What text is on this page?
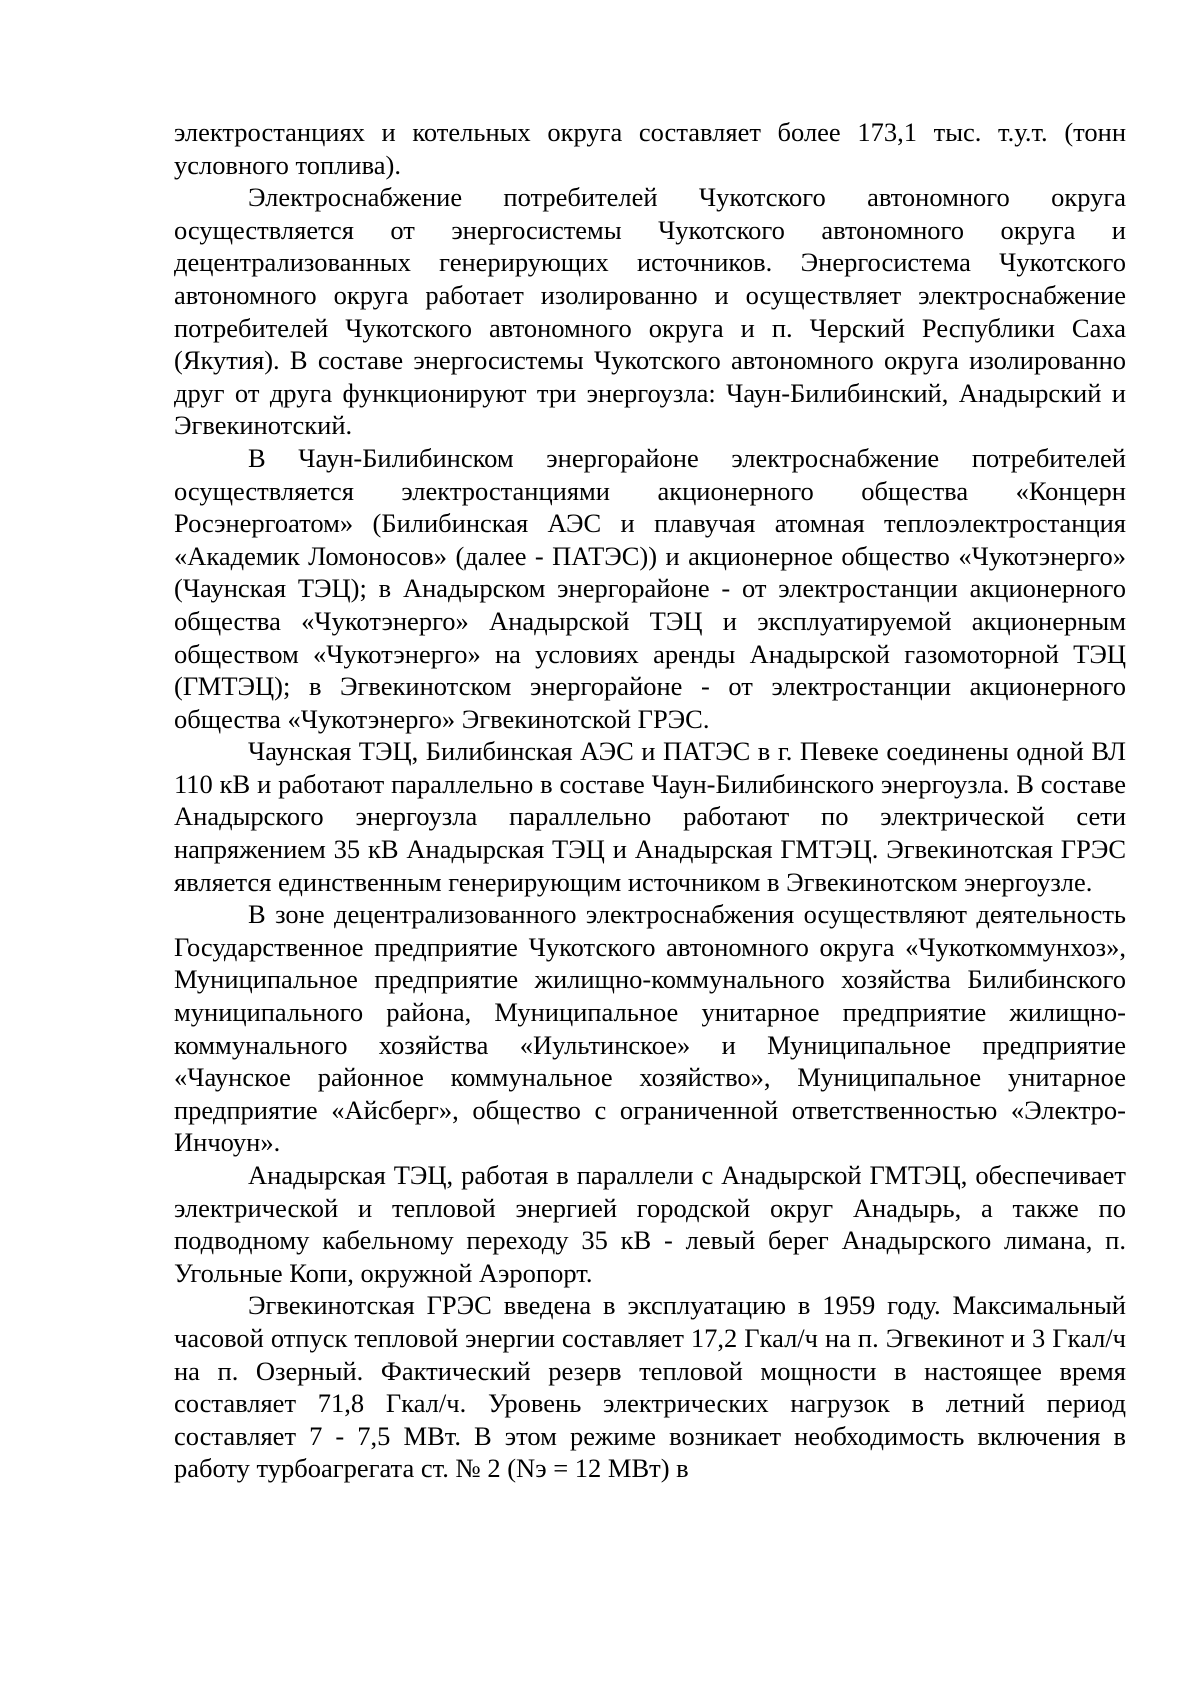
электростанциях и котельных округа составляет более 173,1 тыс. т.у.т. (тонн условного топлива).

Электроснабжение потребителей Чукотского автономного округа осуществляется от энергосистемы Чукотского автономного округа и децентрализованных генерирующих источников. Энергосистема Чукотского автономного округа работает изолированно и осуществляет электроснабжение потребителей Чукотского автономного округа и п. Черский Республики Саха (Якутия). В составе энергосистемы Чукотского автономного округа изолированно друг от друга функционируют три энергоузла: Чаун-Билибинский, Анадырский и Эгвекинотский.

В Чаун-Билибинском энергорайоне электроснабжение потребителей осуществляется электростанциями акционерного общества «Концерн Росэнергоатом» (Билибинская АЭС и плавучая атомная теплоэлектростанция «Академик Ломоносов» (далее - ПАТЭС)) и акционерное общество «Чукотэнерго» (Чаунская ТЭЦ); в Анадырском энергорайоне - от электростанции акционерного общества «Чукотэнерго» Анадырской ТЭЦ и эксплуатируемой акционерным обществом «Чукотэнерго» на условиях аренды Анадырской газомоторной ТЭЦ (ГМТЭЦ); в Эгвекинотском энергорайоне - от электростанции акционерного общества «Чукотэнерго» Эгвекинотской ГРЭС.

Чаунская ТЭЦ, Билибинская АЭС и ПАТЭС в г. Певеке соединены одной ВЛ 110 кВ и работают параллельно в составе Чаун-Билибинского энергоузла. В составе Анадырского энергоузла параллельно работают по электрической сети напряжением 35 кВ Анадырская ТЭЦ и Анадырская ГМТЭЦ. Эгвекинотская ГРЭС является единственным генерирующим источником в Эгвекинотском энергоузле.

В зоне децентрализованного электроснабжения осуществляют деятельность Государственное предприятие Чукотского автономного округа «Чукоткоммунхоз», Муниципальное предприятие жилищно-коммунального хозяйства Билибинского муниципального района, Муниципальное унитарное предприятие жилищно-коммунального хозяйства «Иультинское» и Муниципальное предприятие «Чаунское районное коммунальное хозяйство», Муниципальное унитарное предприятие «Айсберг», общество с ограниченной ответственностью «Электро-Инчоун».

Анадырская ТЭЦ, работая в параллели с Анадырской ГМТЭЦ, обеспечивает электрической и тепловой энергией городской округ Анадырь, а также по подводному кабельному переходу 35 кВ - левый берег Анадырского лимана, п. Угольные Копи, окружной Аэропорт.

Эгвекинотская ГРЭС введена в эксплуатацию в 1959 году. Максимальный часовой отпуск тепловой энергии составляет 17,2 Гкал/ч на п. Эгвекинот и 3 Гкал/ч на п. Озерный. Фактический резерв тепловой мощности в настоящее время составляет 71,8 Гкал/ч. Уровень электрических нагрузок в летний период составляет 7 - 7,5 МВт. В этом режиме возникает необходимость включения в работу турбоагрегата ст. № 2 (Nэ = 12 МВт) в
